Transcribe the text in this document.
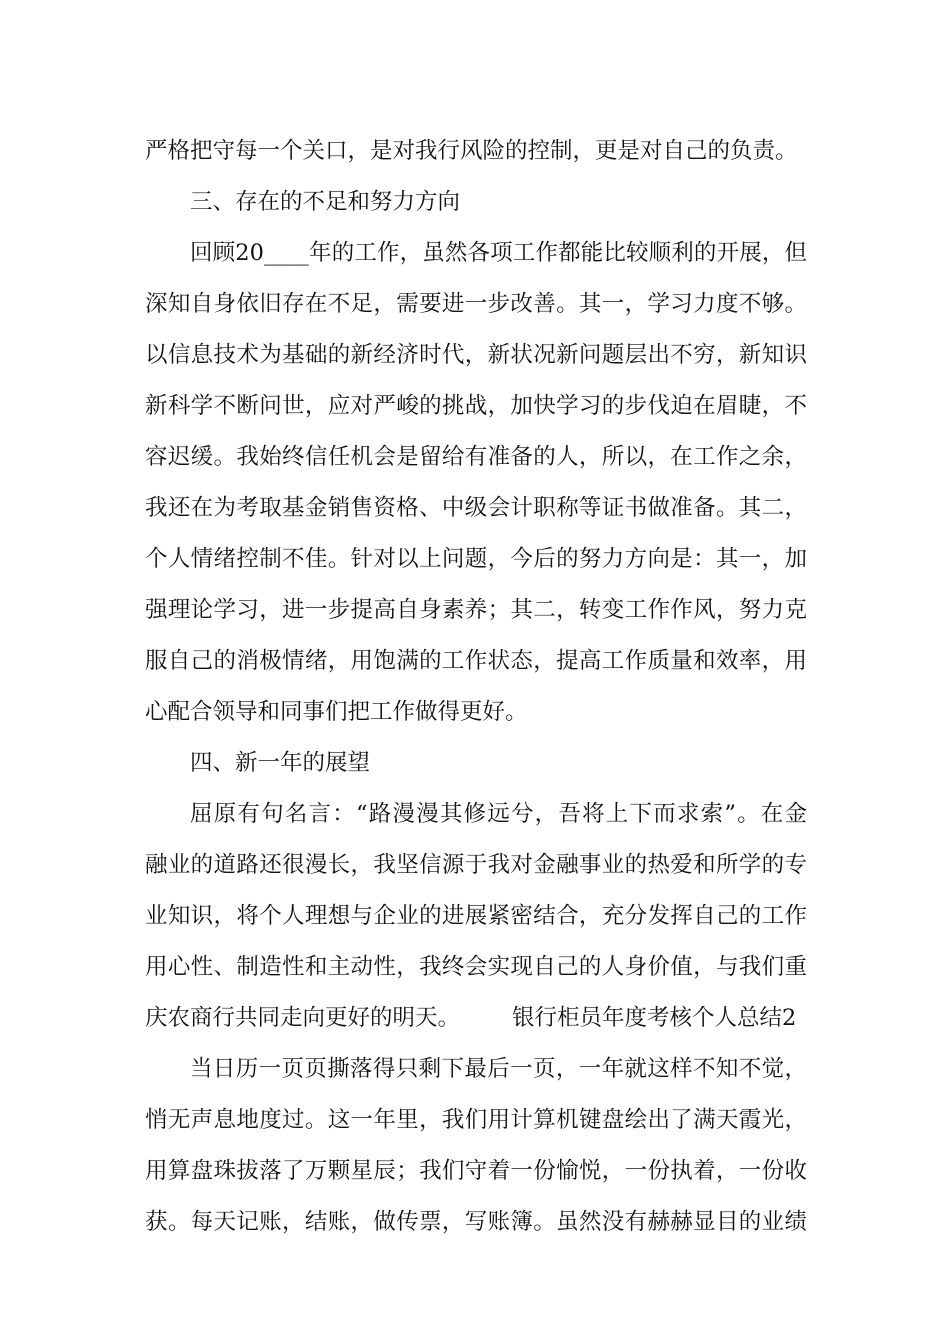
严格把守每一个关口，是对我行风险的控制，更是对自己的负责。
三、存在的不足和努力方向
回顾20____年的工作，虽然各项工作都能比较顺利的开展，但
深知自身依旧存在不足，需要进一步改善。其一，学习力度不够。
以信息技术为基础的新经济时代，新状况新问题层出不穷，新知识
新科学不断问世，应对严峻的挑战，加快学习的步伐迫在眉睫，不
容迟缓。我始终信任机会是留给有准备的人，所以，在工作之余，
我还在为考取基金销售资格、中级会计职称等证书做准备。其二，
个人情绪控制不佳。针对以上问题，今后的努力方向是：其一，加
强理论学习，进一步提高自身素养；其二，转变工作作风，努力克
服自己的消极情绪，用饱满的工作状态，提高工作质量和效率，用
心配合领导和同事们把工作做得更好。
四、新一年的展望
屈原有句名言：“路漫漫其修远兮，吾将上下而求索”。在金
融业的道路还很漫长，我坚信源于我对金融事业的热爱和所学的专
业知识，将个人理想与企业的进展紧密结合，充分发挥自己的工作
用心性、制造性和主动性，我终会实现自己的人身价值，与我们重
庆农商行共同走向更好的明天。 银行柜员年度考核个人总结2
当日历一页页撕落得只剩下最后一页，一年就这样不知不觉，
悄无声息地度过。这一年里，我们用计算机键盘绘出了满天霞光，
用算盘珠拔落了万颗星辰；我们守着一份愉悦，一份执着，一份收
获。每天记账，结账，做传票，写账簿。虽然没有赫赫显目的业绩
